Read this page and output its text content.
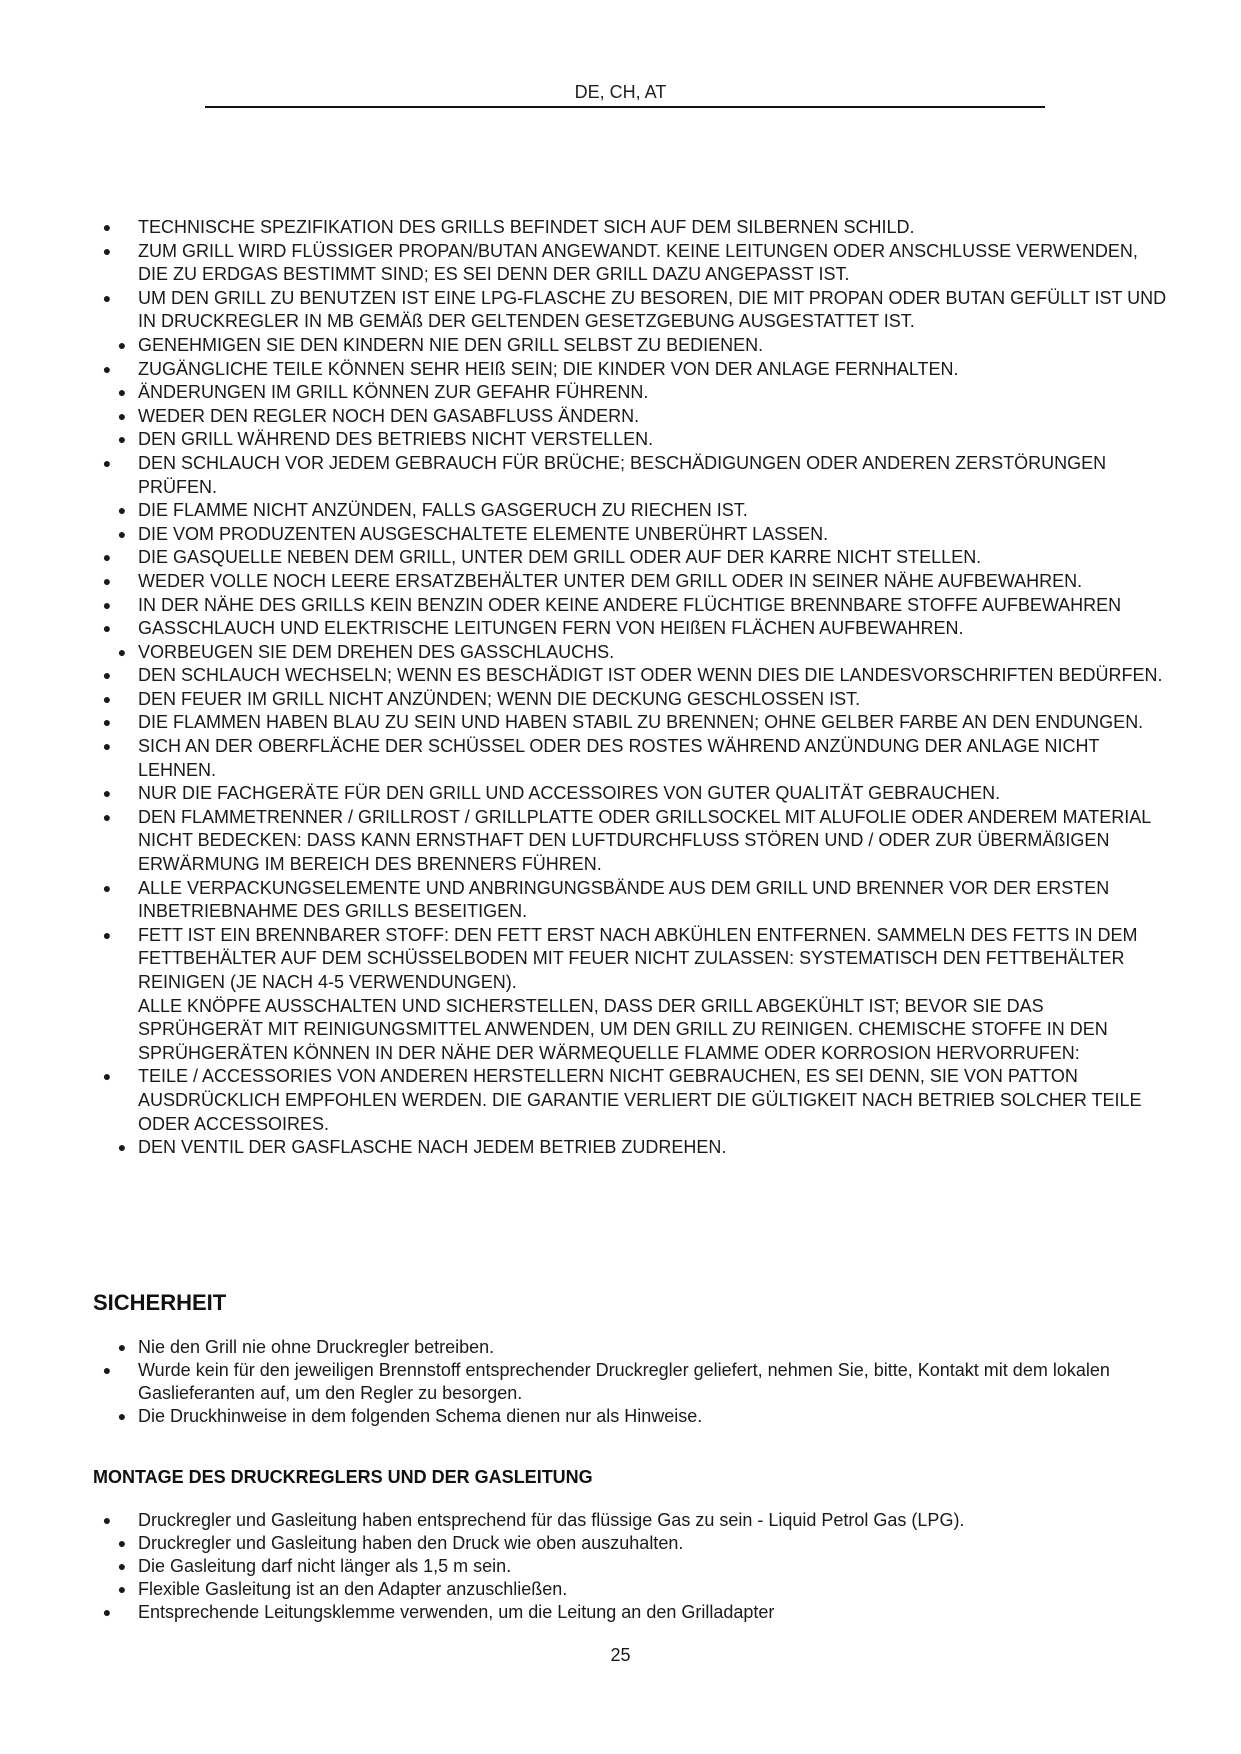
DE, CH, AT
●	TECHNISCHE SPEZIFIKATION DES GRILLS BEFINDET SICH AUF DEM SILBERNEN SCHILD.
●	ZUM GRILL WIRD FLÜSSIGER PROPAN/BUTAN ANGEWANDT. KEINE LEITUNGEN ODER ANSCHLUSSE VERWENDEN, DIE ZU ERDGAS BESTIMMT SIND; ES SEI DENN DER GRILL DAZU ANGEPASST IST.
●	UM DEN GRILL ZU BENUTZEN IST EINE LPG-FLASCHE ZU BESOREN, DIE MIT PROPAN ODER BUTAN GEFÜLLT IST UND IN DRUCKREGLER IN MB GEMÄß DER GELTENDEN GESETZGEBUNG AUSGESTATTET IST.
● GENEHMIGEN SIE DEN KINDERN NIE DEN GRILL SELBST ZU BEDIENEN.
●	ZUGÄNGLICHE TEILE KÖNNEN SEHR HEIß SEIN; DIE KINDER VON DER ANLAGE FERNHALTEN.
● ÄNDERUNGEN IM GRILL KÖNNEN ZUR GEFAHR FÜHRENN.
● WEDER DEN REGLER NOCH DEN GASABFLUSS ÄNDERN.
● DEN GRILL WÄHREND DES BETRIEBS NICHT VERSTELLEN.
●	DEN SCHLAUCH VOR JEDEM GEBRAUCH FÜR BRÜCHE; BESCHÄDIGUNGEN ODER ANDEREN ZERSTÖRUNGEN PRÜFEN.
● DIE FLAMME NICHT ANZÜNDEN, FALLS GASGERUCH ZU RIECHEN IST.
● DIE VOM PRODUZENTEN AUSGESCHALTETE ELEMENTE UNBERÜHRT LASSEN.
●	DIE GASQUELLE NEBEN DEM GRILL, UNTER DEM GRILL ODER AUF DER KARRE NICHT STELLEN.
●	WEDER VOLLE NOCH LEERE ERSATZBEHÄLTER UNTER DEM GRILL ODER IN SEINER NÄHE AUFBEWAHREN.
●	IN DER NÄHE DES GRILLS KEIN BENZIN ODER KEINE ANDERE FLÜCHTIGE BRENNBARE STOFFE AUFBEWAHREN
●	GASSCHLAUCH UND ELEKTRISCHE LEITUNGEN FERN VON HEIßEN FLÄCHEN AUFBEWAHREN.
● VORBEUGEN SIE DEM DREHEN DES GASSCHLAUCHS.
●	DEN SCHLAUCH WECHSELN; WENN ES BESCHÄDIGT IST ODER WENN DIES DIE LANDESVORSCHRIFTEN BEDÜRFEN.
●	DEN FEUER IM GRILL NICHT ANZÜNDEN; WENN DIE DECKUNG GESCHLOSSEN IST.
●	DIE FLAMMEN HABEN BLAU ZU SEIN UND HABEN STABIL ZU BRENNEN; OHNE GELBER FARBE AN DEN ENDUNGEN.
●	SICH AN DER OBERFLÄCHE DER SCHÜSSEL ODER DES ROSTES WÄHREND ANZÜNDUNG DER ANLAGE NICHT LEHNEN.
●	NUR DIE FACHGERÄTE FÜR DEN GRILL UND ACCESSOIRES VON GUTER QUALITÄT GEBRAUCHEN.
●	DEN FLAMMETRENNER / GRILLROST / GRILLPLATTE ODER GRILLSOCKEL MIT ALUFOLIE ODER ANDEREM MATERIAL NICHT BEDECKEN: DASS KANN ERNSTHAFT DEN LUFTDURCHFLUSS STÖREN UND / ODER ZUR ÜBERMÄßIGEN ERWÄRMUNG IM BEREICH DES BRENNERS FÜHREN.
●	ALLE VERPACKUNGSELEMENTE UND ANBRINGUNGSBÄNDE AUS DEM GRILL UND BRENNER VOR DER ERSTEN INBETRIEBNAHME DES GRILLS BESEITIGEN.
●	FETT IST EIN BRENNBARER STOFF: DEN FETT ERST NACH ABKÜHLEN ENTFERNEN. SAMMELN DES FETTS IN DEM FETTBEHÄLTER AUF DEM SCHÜSSELBODEN MIT FEUER NICHT ZULASSEN: SYSTEMATISCH DEN FETTBEHÄLTER REINIGEN (JE NACH 4-5 VERWENDUNGEN).
ALLE KNÖPFE AUSSCHALTEN UND SICHERSTELLEN, DASS DER GRILL ABGEKÜHLT IST; BEVOR SIE DAS SPRÜHGERÄT MIT REINIGUNGSMITTEL ANWENDEN, UM DEN GRILL ZU REINIGEN. CHEMISCHE STOFFE IN DEN SPRÜHGERÄTEN KÖNNEN IN DER NÄHE DER WÄRMEQUELLE FLAMME ODER KORROSION HERVORRUFEN:
●	TEILE / ACCESSORIES VON ANDEREN HERSTELLERN NICHT GEBRAUCHEN, ES SEI DENN, SIE VON PATTON AUSDRÜCKLICH EMPFOHLEN WERDEN. DIE GARANTIE VERLIERT DIE GÜLTIGKEIT NACH BETRIEB SOLCHER TEILE ODER ACCESSOIRES.
● DEN VENTIL DER GASFLASCHE NACH JEDEM BETRIEB ZUDREHEN.
SICHERHEIT
● Nie den Grill nie ohne Druckregler betreiben.
●	Wurde kein für den jeweiligen Brennstoff entsprechender Druckregler geliefert, nehmen Sie, bitte, Kontakt mit dem lokalen Gaslieferanten auf, um den Regler zu besorgen.
● Die Druckhinweise in dem folgenden Schema dienen nur als Hinweise.
MONTAGE DES DRUCKREGLERS UND DER GASLEITUNG
●	Druckregler und Gasleitung haben entsprechend für das flüssige Gas zu sein - Liquid Petrol Gas (LPG).
● Druckregler und Gasleitung haben den Druck wie oben auszuhalten.
● Die Gasleitung darf nicht länger als 1,5 m sein.
● Flexible Gasleitung ist an den Adapter anzuschließen.
●	Entsprechende Leitungsklemme verwenden, um die Leitung an den Grilladapter
25
